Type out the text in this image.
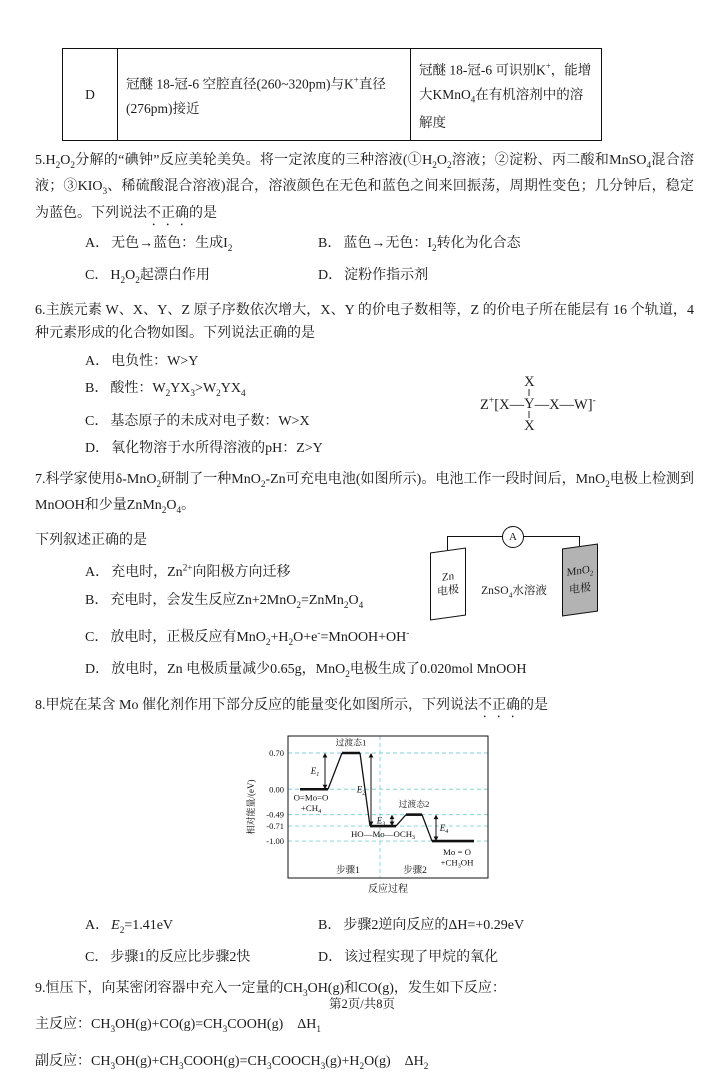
D	冠醚 18-冠-6 空腔直径(260~320pm)与K+直径(276pm)接近	冠醚 18-冠-6 可识别K+，能增大KMnO$_4$在有机溶剂中的溶解度

$5.H_2O_2$分解的“碘钟”反应美轮美奂。将一定浓度的三种溶液($①H_2O_2$溶液；②淀粉、丙二酸和MnSO$_4$混合溶液；$③KIO_3$、稀硫酸混合溶液)混合，溶液颜色在无色和蓝色之间来回振荡，周期性变色；几分钟后，稳定为蓝色。下列说法不正确的是

A． 无色→蓝色：生成$I_2$	B． 蓝色→无色：$I_2$转化为化合态
C． $H_2O_2$起漂白作用	D． 淀粉作指示剂

6.主族元素 W、X、Y、Z 原子序数依次增大，X、Y 的价电子数相等，Z 的价电子所在能层有 16 个轨道，4 种元素形成的化合物如图。下列说法正确的是

A． 电负性：W>Y
B． 酸性：$W_2YX_3>W_2YX_4$
C． 基态原子的未成对电子数：W>X
D． 氧化物溶于水所得溶液的pH：Z>Y
Z+[X—
X
‖
Y
‖
X
—X—W]-

7.科学家使用δ-MnO$_2$研制了一种MnO$_2$-Zn可充电电池(如图所示)。电池工作一段时间后，MnO$_2$电极上检测到MnOOH和少量$ZnMn_2O_4$。

下列叙述正确的是

A． 充电时，$Zn^{2+}$向阳极方向迁移
B． 充电时，会发生反应$Zn+2MnO_2=ZnMn_2O_4$
C． 放电时，正极反应有$MnO_2+H_2O+e^-=MnOOH+OH^-$
D． 放电时，Zn 电极质量减少0.65g，MnO$_2$电极生成了0.020mol MnOOH
A
Zn
电极
MnO$_2$
电极
ZnSO$_4$水溶液

8.甲烷在某含 Mo 催化剂作用下部分反应的能量变化如图所示，下列说法不正确的是

$E_1$
$E_2$
$E_3$	$E_4$
过渡态1
过渡态2
O=Mo=O
$+CH_4$
$HO—Mo—OCH_3$
Mo = O
$+CH_3OH$
0.70
0.00
-0.49
-0.71
-1.00
步骤1	步骤2
反应过程
相对能量/(eV)
A． $E_2=1.41eV$	B． 步骤2逆向反应的ΔH=+0.29eV
C． 步骤1的反应比步骤2快	D． 该过程实现了甲烷的氧化

9.恒压下，向某密闭容器中充入一定量的$CH_3OH(g)$和CO(g)，发生如下反应：

主反应：$CH_3OH(g)+CO(g)=CH_3COOH(g)$　$\Delta H_1$

副反应：$CH_3OH(g)+CH_3COOH(g)=CH_3COOCH_3(g)+H_2O(g)$　$\Delta H_2$

第2页/共8页
